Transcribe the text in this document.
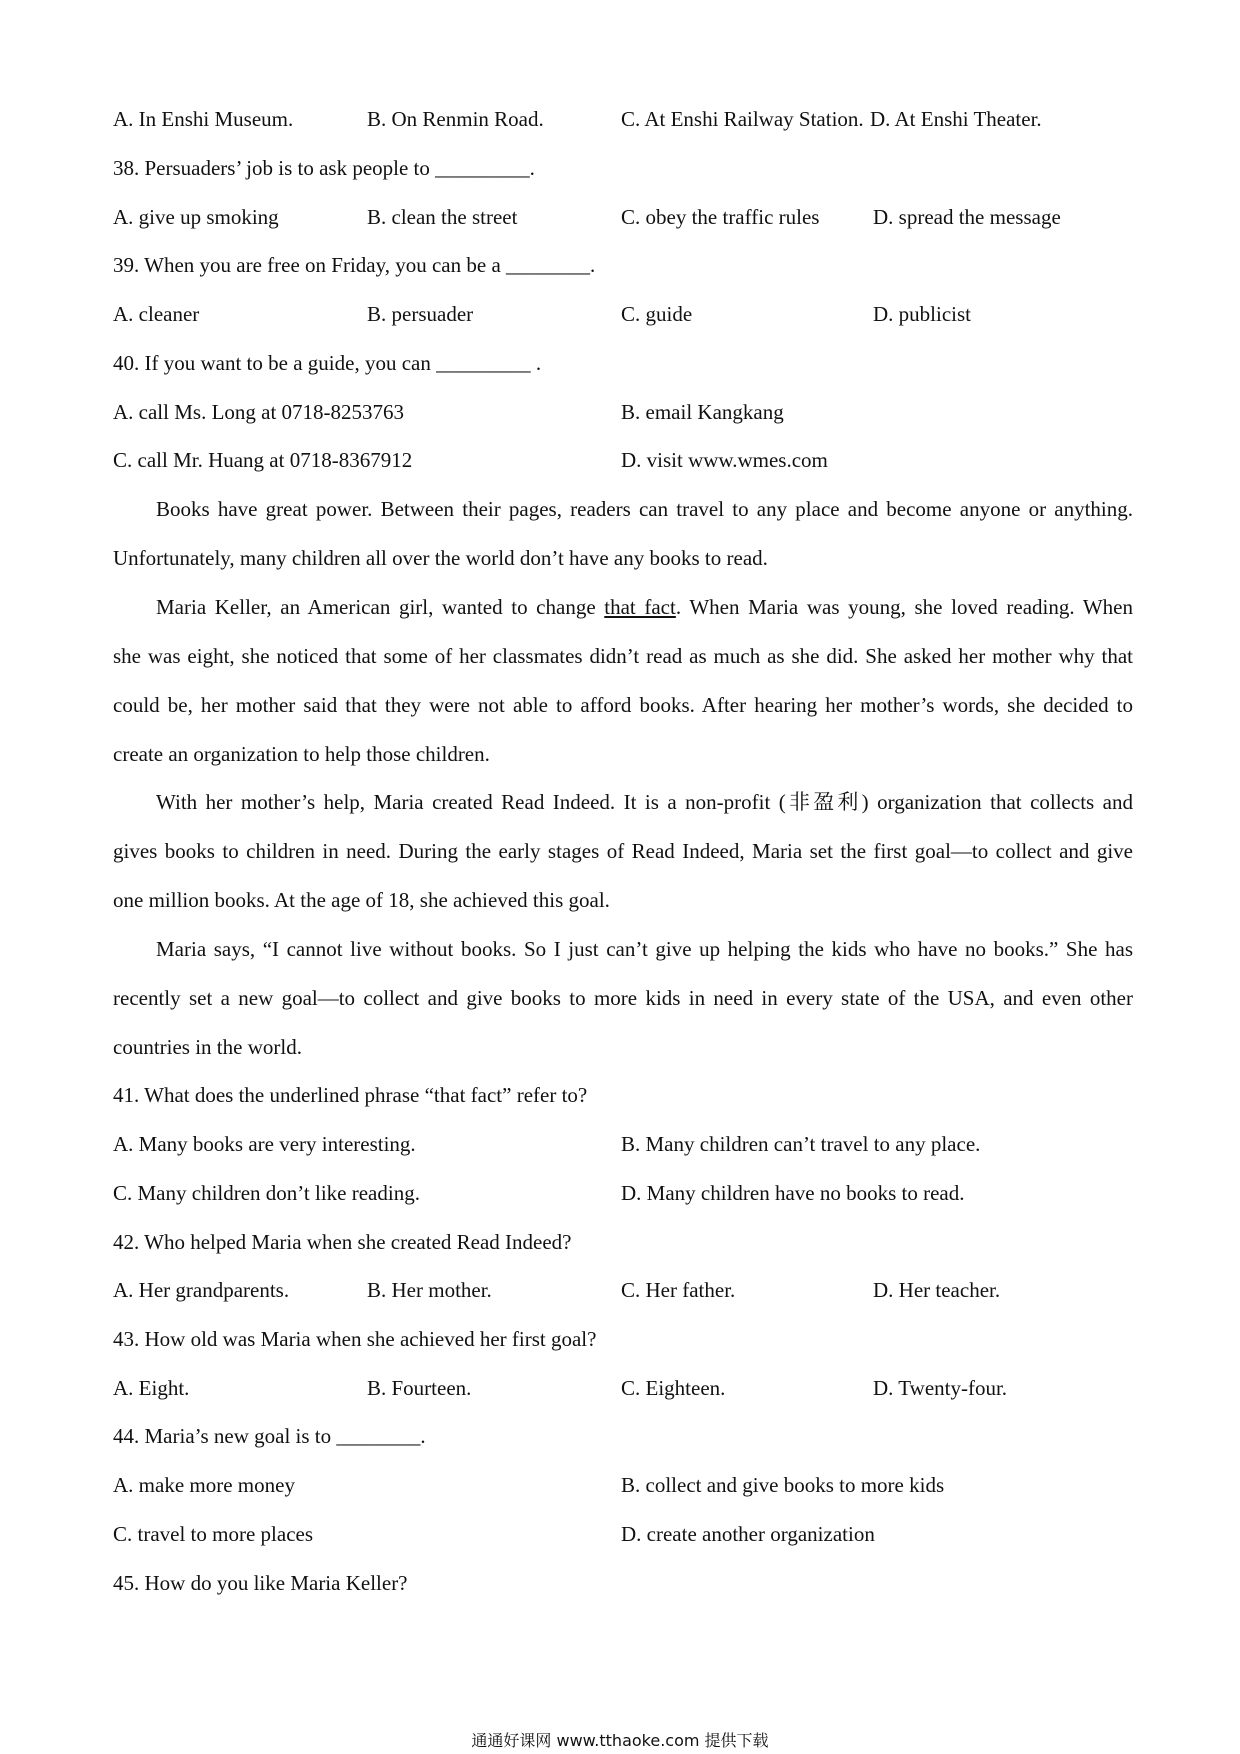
A. In Enshi Museum.	B. On Renmin Road.	C. At Enshi Railway Station. D. At Enshi Theater.
38. Persuaders’ job is to ask people to _________.
A. give up smoking	B. clean the street	C. obey the traffic rules	D. spread the message
39. When you are free on Friday, you can be a ________.
A. cleaner	B. persuader	C. guide	D. publicist
40. If you want to be a guide, you can _________ .
A. call Ms. Long at 0718-8253763	B. email Kangkang
C. call Mr. Huang at 0718-8367912	D. visit www.wmes.com
Books have great power. Between their pages, readers can travel to any place and become anyone or anything.
Unfortunately, many children all over the world don’t have any books to read.
Maria Keller, an American girl, wanted to change that fact. When Maria was young, she loved reading. When
she was eight, she noticed that some of her classmates didn’t read as much as she did. She asked her mother why that
could be, her mother said that they were not able to afford books. After hearing her mother’s words, she decided to
create an organization to help those children.
With her mother’s help, Maria created Read Indeed. It is a non-profit (非盈利) organization that collects and
gives books to children in need. During the early stages of Read Indeed, Maria set the first goal—to collect and give
one million books. At the age of 18, she achieved this goal.
Maria says, “I cannot live without books. So I just can’t give up helping the kids who have no books.” She has
recently set a new goal—to collect and give books to more kids in need in every state of the USA, and even other
countries in the world.
41. What does the underlined phrase “that fact” refer to?
A. Many books are very interesting.	B. Many children can’t travel to any place.
C. Many children don’t like reading.	D. Many children have no books to read.
42. Who helped Maria when she created Read Indeed?
A. Her grandparents.	B. Her mother.	C. Her father.	D. Her teacher.
43. How old was Maria when she achieved her first goal?
A. Eight.	B. Fourteen.	C. Eighteen.	D. Twenty-four.
44. Maria’s new goal is to ________.
A. make more money	B. collect and give books to more kids
C. travel to more places	D. create another organization
45. How do you like Maria Keller?
通通好课网 www.tthaoke.com 提供下载
